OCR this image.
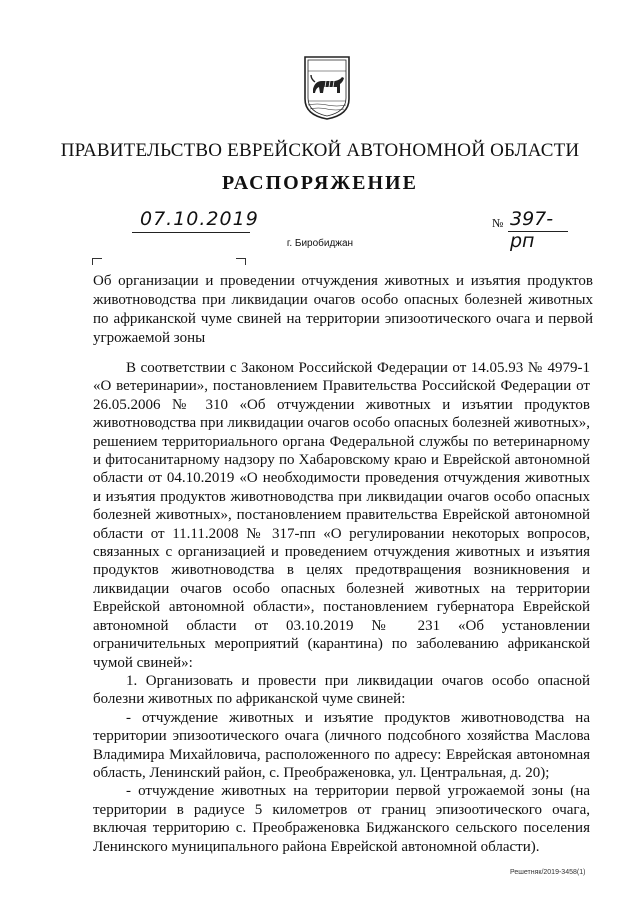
ПРАВИТЕЛЬСТВО ЕВРЕЙСКОЙ АВТОНОМНОЙ ОБЛАСТИ
РАСПОРЯЖЕНИЕ
07.10.2019	№ 397-рп
г. Биробиджан
Об организации и проведении отчуждения животных и изъятия продуктов животноводства при ликвидации очагов особо опасных болезней животных по африканской чуме свиней на территории эпизоотического очага и первой угрожаемой зоны

В соответствии с Законом Российской Федерации от 14.05.93 № 4979-1 «О ветеринарии», постановлением Правительства Российской Федерации от 26.05.2006 № 310 «Об отчуждении животных и изъятии продуктов животноводства при ликвидации очагов особо опасных болезней животных», решением территориального органа Федеральной службы по ветеринарному и фитосанитарному надзору по Хабаровскому краю и Еврейской автономной области от 04.10.2019 «О необходимости проведения отчуждения животных и изъятия продуктов животноводства при ликвидации очагов особо опасных болезней животных», постановлением правительства Еврейской автономной области от 11.11.2008 № 317-пп «О регулировании некоторых вопросов, связанных с организацией и проведением отчуждения животных и изъятия продуктов животноводства в целях предотвращения возникновения и ликвидации очагов особо опасных болезней животных на территории Еврейской автономной области», постановлением губернатора Еврейской автономной области от 03.10.2019 № 231 «Об установлении ограничительных мероприятий (карантина) по заболеванию африканской чумой свиней»:

1. Организовать и провести при ликвидации очагов особо опасной болезни животных по африканской чуме свиней:

- отчуждение животных и изъятие продуктов животноводства на территории эпизоотического очага (личного подсобного хозяйства Маслова Владимира Михайловича, расположенного по адресу: Еврейская автономная область, Ленинский район, с. Преображеновка, ул. Центральная, д. 20);

- отчуждение животных на территории первой угрожаемой зоны (на территории в радиусе 5 километров от границ эпизоотического очага, включая территорию с. Преображеновка Биджанского сельского поселения Ленинского муниципального района Еврейской автономной области).

Решетняк/2019-3458(1)
